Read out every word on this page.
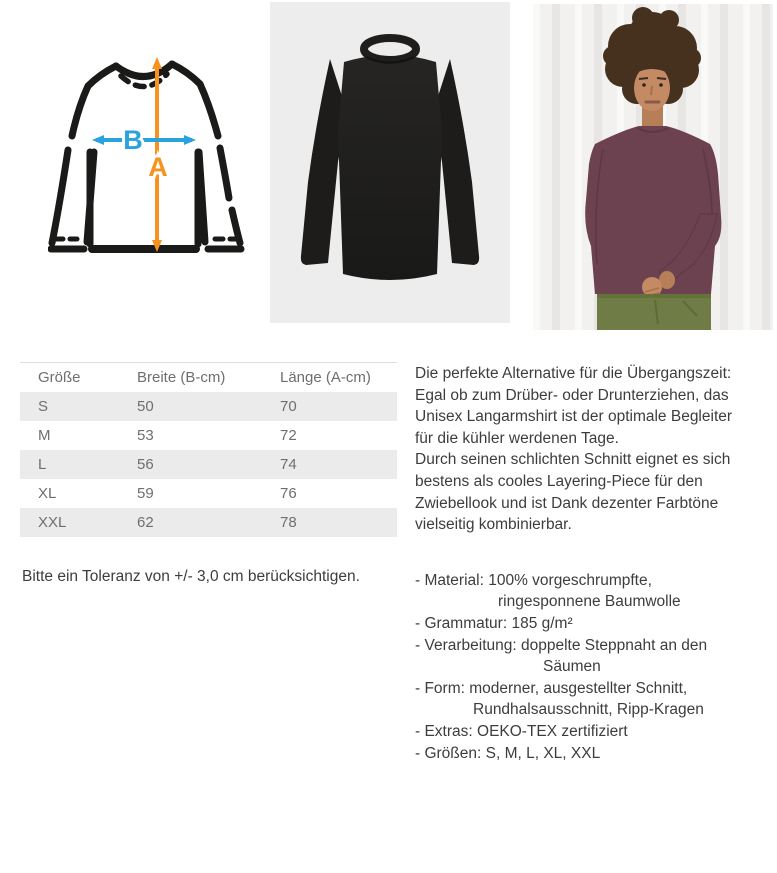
B
A
Größe	Breite (B-cm)	Länge (A-cm)
S	50	70
M	53	72
L	56	74
XL	59	76
XXL	62	78
Bitte ein Toleranz von +/- 3,0 cm berücksichtigen.
Die perfekte Alternative für die Übergangszeit:
Egal ob zum Drüber- oder Drunterziehen, das
Unisex Langarmshirt ist der optimale Begleiter
für die kühler werdenen Tage.
Durch seinen schlichten Schnitt eignet es sich
bestens als cooles Layering-Piece für den
Zwiebellook und ist Dank dezenter Farbtöne
vielseitig kombinierbar.
- Material: 100% vorgeschrumpfte,
ringesponnene Baumwolle
- Grammatur: 185 g/m²
- Verarbeitung: doppelte Steppnaht an den
Säumen
- Form: moderner, ausgestellter Schnitt,
Rundhalsausschnitt, Ripp-Kragen
- Extras: OEKO-TEX zertifiziert
- Größen: S, M, L, XL, XXL
